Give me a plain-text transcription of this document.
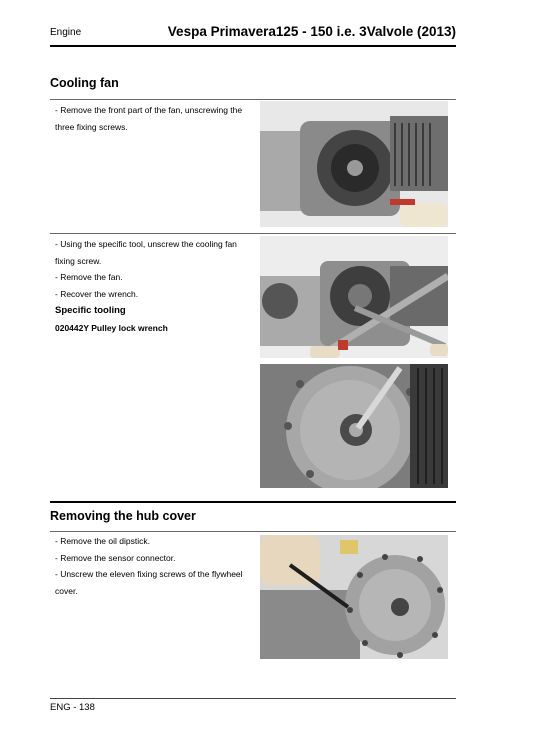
Engine	Vespa Primavera125 - 150 i.e. 3Valvole (2013)
Cooling fan
- Remove the front part of the fan, unscrewing the
three fixing screws.
- Using the specific tool, unscrew the cooling fan
fixing screw.
- Remove the fan.
- Recover the wrench.
Specific tooling
020442Y Pulley lock wrench
Removing the hub cover
- Remove the oil dipstick.
- Remove the sensor connector.
- Unscrew the eleven fixing screws of the flywheel
cover.
ENG - 138
